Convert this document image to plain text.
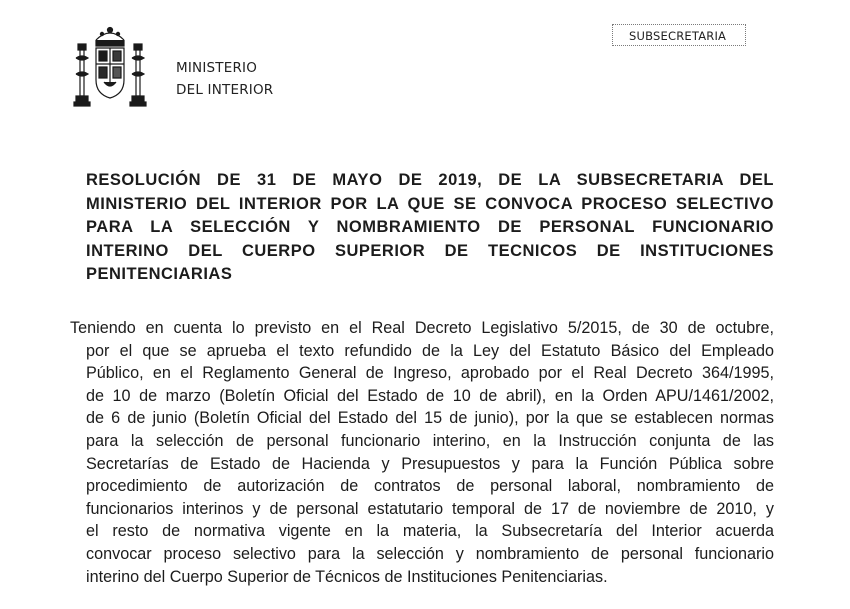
MINISTERIO
DEL INTERIOR
SUBSECRETARIA
RESOLUCIÓN DE 31 DE MAYO DE 2019, DE LA SUBSECRETARIA DEL
MINISTERIO DEL INTERIOR POR LA QUE SE CONVOCA PROCESO SELECTIVO
PARA LA SELECCIÓN Y NOMBRAMIENTO DE PERSONAL FUNCIONARIO
INTERINO DEL CUERPO SUPERIOR DE TECNICOS DE INSTITUCIONES
PENITENCIARIAS
Teniendo en cuenta lo previsto en el Real Decreto Legislativo 5/2015, de 30 de octubre,
por el que se aprueba el texto refundido de la Ley del Estatuto Básico del Empleado
Público, en el Reglamento General de Ingreso, aprobado por el Real Decreto 364/1995,
de 10 de marzo (Boletín Oficial del Estado de 10 de abril), en la Orden APU/1461/2002,
de 6 de junio (Boletín Oficial del Estado del 15 de junio), por la que se establecen normas
para la selección de personal funcionario interino, en la Instrucción conjunta de las
Secretarías de Estado de Hacienda y Presupuestos y para la Función Pública sobre
procedimiento de autorización de contratos de personal laboral, nombramiento de
funcionarios interinos y de personal estatutario temporal de 17 de noviembre de 2010, y
el resto de normativa vigente en la materia, la Subsecretaría del Interior acuerda
convocar proceso selectivo para la selección y nombramiento de personal funcionario
interino del Cuerpo Superior de Técnicos de Instituciones Penitenciarias.
